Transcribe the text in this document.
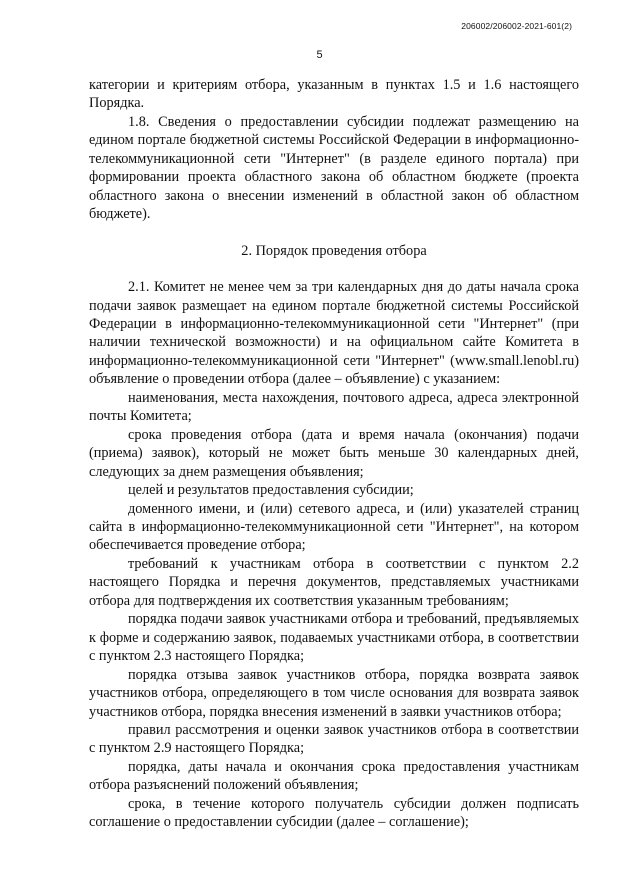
206002/206002-2021-601(2)
5

категории и критериям отбора, указанным в пунктах 1.5 и 1.6 настоящего Порядка.

1.8. Сведения о предоставлении субсидии подлежат размещению на едином портале бюджетной системы Российской Федерации в информационно-телекоммуникационной сети "Интернет" (в разделе единого портала) при формировании проекта областного закона об областном бюджете (проекта областного закона о внесении изменений в областной закон об областном бюджете).

2. Порядок проведения отбора

2.1. Комитет не менее чем за три календарных дня до даты начала срока подачи заявок размещает на едином портале бюджетной системы Российской Федерации в информационно-телекоммуникационной сети "Интернет" (при наличии технической возможности) и на официальном сайте Комитета в информационно-телекоммуникационной сети "Интернет" (www.small.lenobl.ru) объявление о проведении отбора (далее – объявление) с указанием:

наименования, места нахождения, почтового адреса, адреса электронной почты Комитета;

срока проведения отбора (дата и время начала (окончания) подачи (приема) заявок), который не может быть меньше 30 календарных дней, следующих за днем размещения объявления;

целей и результатов предоставления субсидии;

доменного имени, и (или) сетевого адреса, и (или) указателей страниц сайта в информационно-телекоммуникационной сети "Интернет", на котором обеспечивается проведение отбора;

требований к участникам отбора в соответствии с пунктом 2.2 настоящего Порядка и перечня документов, представляемых участниками отбора для подтверждения их соответствия указанным требованиям;

порядка подачи заявок участниками отбора и требований, предъявляемых к форме и содержанию заявок, подаваемых участниками отбора, в соответствии с пунктом 2.3 настоящего Порядка;

порядка отзыва заявок участников отбора, порядка возврата заявок участников отбора, определяющего в том числе основания для возврата заявок участников отбора, порядка внесения изменений в заявки участников отбора;

правил рассмотрения и оценки заявок участников отбора в соответствии с пунктом 2.9 настоящего Порядка;

порядка, даты начала и окончания срока предоставления участникам отбора разъяснений положений объявления;

срока, в течение которого получатель субсидии должен подписать соглашение о предоставлении субсидии (далее – соглашение);
